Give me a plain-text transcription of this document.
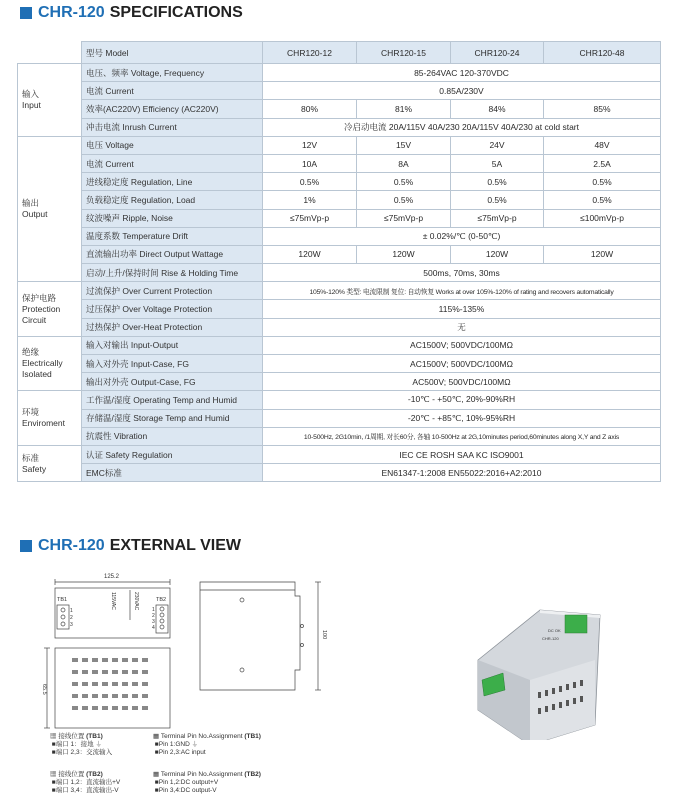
CHR-120 SPECIFICATIONS
	型号 Model	CHR120-12	CHR120-15	CHR120-24	CHR120-48

输入
Input	电压、频率 Voltage, Frequency	85-264VAC 120-370VDC			
	电流 Current	0.85A/230V			
	效率(AC220V) Efficiency (AC220V)	80%	81%	84%	85%
	冲击电流 Inrush Current	冷启动电流 20A/115V 40A/230 20A/115V 40A/230 at cold start			

输出
Output	电压 Voltage	12V	15V	24V	48V
	电流 Current	10A	8A	5A	2.5A
	进线稳定度 Regulation, Line	0.5%	0.5%	0.5%	0.5%
	负载稳定度 Regulation, Load	1%	0.5%	0.5%	0.5%
	纹波噪声 Ripple, Noise	≤75mVp-p	≤75mVp-p	≤75mVp-p	≤100mVp-p
	温度系数 Temperature Drift	± 0.02%/℃ (0-50℃)			
	直流输出功率 Direct Output Wattage	120W	120W	120W	120W
	启动/上升/保持时间 Rise & Holding Time	500ms, 70ms, 30ms			

保护电路
Protection
Circuit	过流保护 Over Current Protection	105%-120% 类型: 电流限制 复位: 自动恢复 Works at over 105%-120% of rating and recovers automatically			
	过压保护 Over Voltage Protection	115%-135%			
	过热保护 Over-Heat Protection	无			

绝缘
Electrically
Isolated	输入对输出 Input-Output	AC1500V; 500VDC/100MΩ			
	输入对外壳 Input-Case, FG	AC1500V; 500VDC/100MΩ			
	输出对外壳 Output-Case, FG	AC500V; 500VDC/100MΩ			

环境
Enviroment	工作温/湿度 Operating Temp and Humid	-10℃ - +50℃, 20%-90%RH			
	存储温/湿度 Storage Temp and Humid	-20℃ - +85℃, 10%-95%RH			
	抗震性 Vibration	10-500Hz, 2G10min, /1周期, 对长60分, 各轴 10-500Hz at 2G,10minutes period,60minutes along X,Y and Z axis			

标准
Safety	认证 Safety Regulation	IEC CE ROSH SAA KC ISO9001			
	EMC标准	EN61347-1:2008 EN55022:2016+A2:2010			
CHR-120 EXTERNAL VIEW
125.2
TB1	TB2
1
2
3
1
2
3
4
115VAC	230VAC
65.5
100	DC OK
CHR-120
▦ 接线位置 (TB1)
■端口 1：接地 ⏚
■端口 2,3：交流输入
▦ Terminal Pin No.Assignment (TB1)
■Pin 1:GND ⏚
■Pin 2,3:AC input
▦ 接线位置 (TB2)
■端口 1,2：直流输出+V
■端口 3,4：直流输出-V
▦ Terminal Pin No.Assignment (TB2)
■Pin 1,2:DC output+V
■Pin 3,4:DC output-V
